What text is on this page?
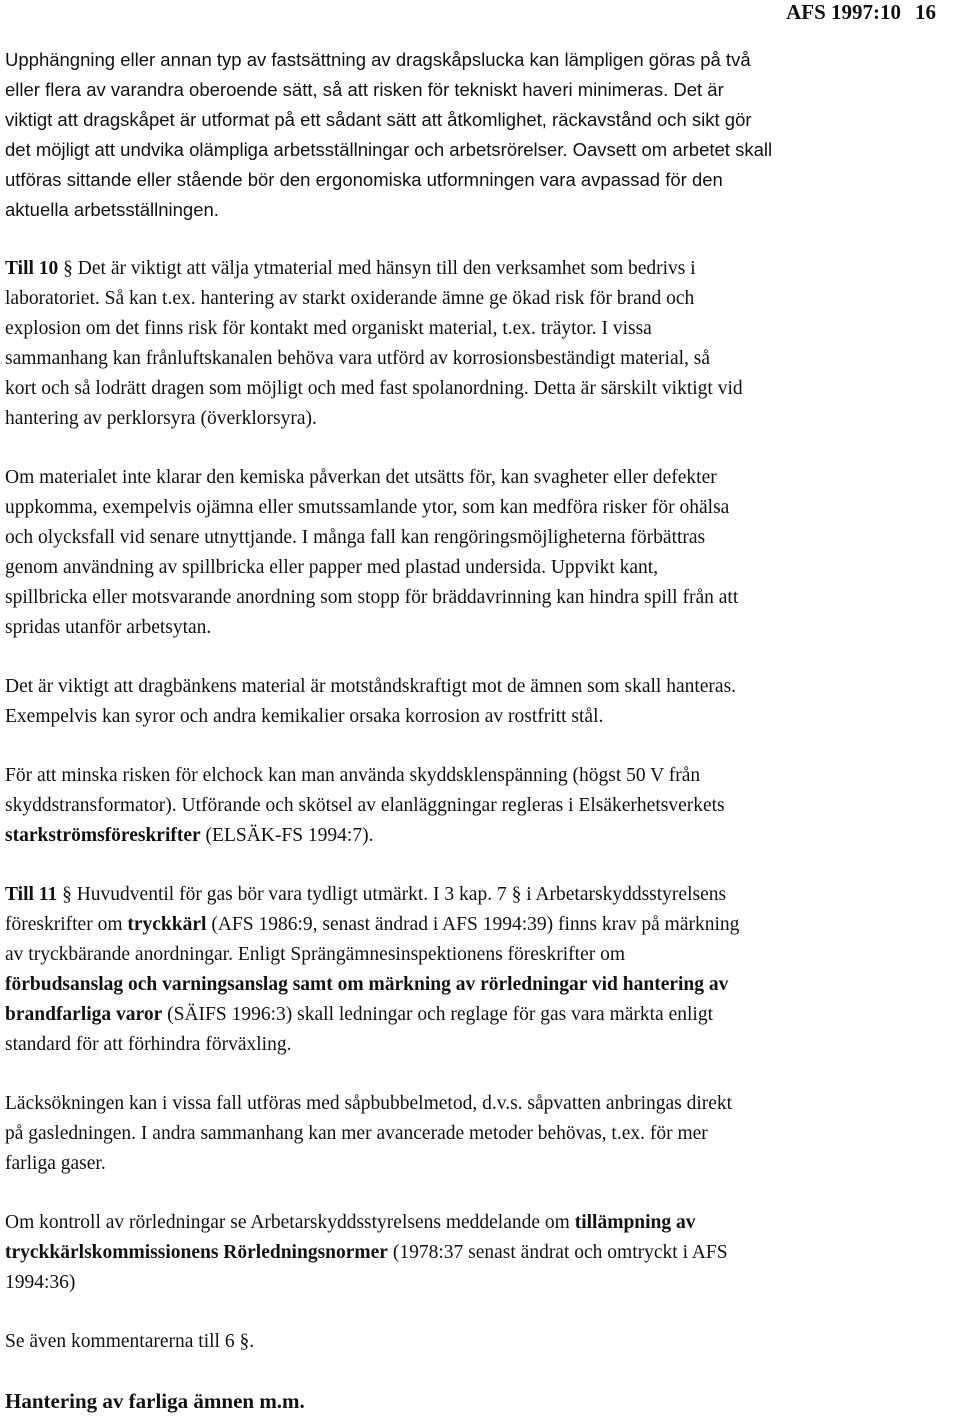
AFS 1997:10 16
Upphängning eller annan typ av fastsättning av dragskåpslucka kan lämpligen göras på två
eller flera av varandra oberoende sätt, så att risken för tekniskt haveri minimeras. Det är
viktigt att dragskåpet är utformat på ett sådant sätt att åtkomlighet, räckavstånd och sikt gör
det möjligt att undvika olämpliga arbetsställningar och arbetsrörelser. Oavsett om arbetet skall
utföras sittande eller stående bör den ergonomiska utformningen vara avpassad för den
aktuella arbetsställningen.
Till 10 § Det är viktigt att välja ytmaterial med hänsyn till den verksamhet som bedrivs i
laboratoriet. Så kan t.ex. hantering av starkt oxiderande ämne ge ökad risk för brand och
explosion om det finns risk för kontakt med organiskt material, t.ex. träytor. I vissa
sammanhang kan frånluftskanalen behöva vara utförd av korrosionsbeständigt material, så
kort och så lodrätt dragen som möjligt och med fast spolanordning. Detta är särskilt viktigt vid
hantering av perklorsyra (överklorsyra).
Om materialet inte klarar den kemiska påverkan det utsätts för, kan svagheter eller defekter
uppkomma, exempelvis ojämna eller smutssamlande ytor, som kan medföra risker för ohälsa
och olycksfall vid senare utnyttjande. I många fall kan rengöringsmöjligheterna förbättras
genom användning av spillbricka eller papper med plastad undersida. Uppvikt kant,
spillbricka eller motsvarande anordning som stopp för bräddavrinning kan hindra spill från att
spridas utanför arbetsytan.
Det är viktigt att dragbänkens material är motståndskraftigt mot de ämnen som skall hanteras.
Exempelvis kan syror och andra kemikalier orsaka korrosion av rostfritt stål.
För att minska risken för elchock kan man använda skyddsklenspänning (högst 50 V från
skyddstransformator). Utförande och skötsel av elanläggningar regleras i Elsäkerhetsverkets
starkströmsföreskrifter (ELSÄK-FS 1994:7).
Till 11 § Huvudventil för gas bör vara tydligt utmärkt. I 3 kap. 7 § i Arbetarskyddsstyrelsens
föreskrifter om tryckkärl (AFS 1986:9, senast ändrad i AFS 1994:39) finns krav på märkning
av tryckbärande anordningar. Enligt Sprängämnesinspektionens föreskrifter om
förbudsanslag och varningsanslag samt om märkning av rörledningar vid hantering av
brandfarliga varor (SÄIFS 1996:3) skall ledningar och reglage för gas vara märkta enligt
standard för att förhindra förväxling.
Läcksökningen kan i vissa fall utföras med såpbubbelmetod, d.v.s. såpvatten anbringas direkt
på gasledningen. I andra sammanhang kan mer avancerade metoder behövas, t.ex. för mer
farliga gaser.
Om kontroll av rörledningar se Arbetarskyddsstyrelsens meddelande om tillämpning av
tryckkärlskommissionens Rörledningsnormer (1978:37 senast ändrat och omtryckt i AFS
1994:36)
Se även kommentarerna till 6 §.
Hantering av farliga ämnen m.m.
